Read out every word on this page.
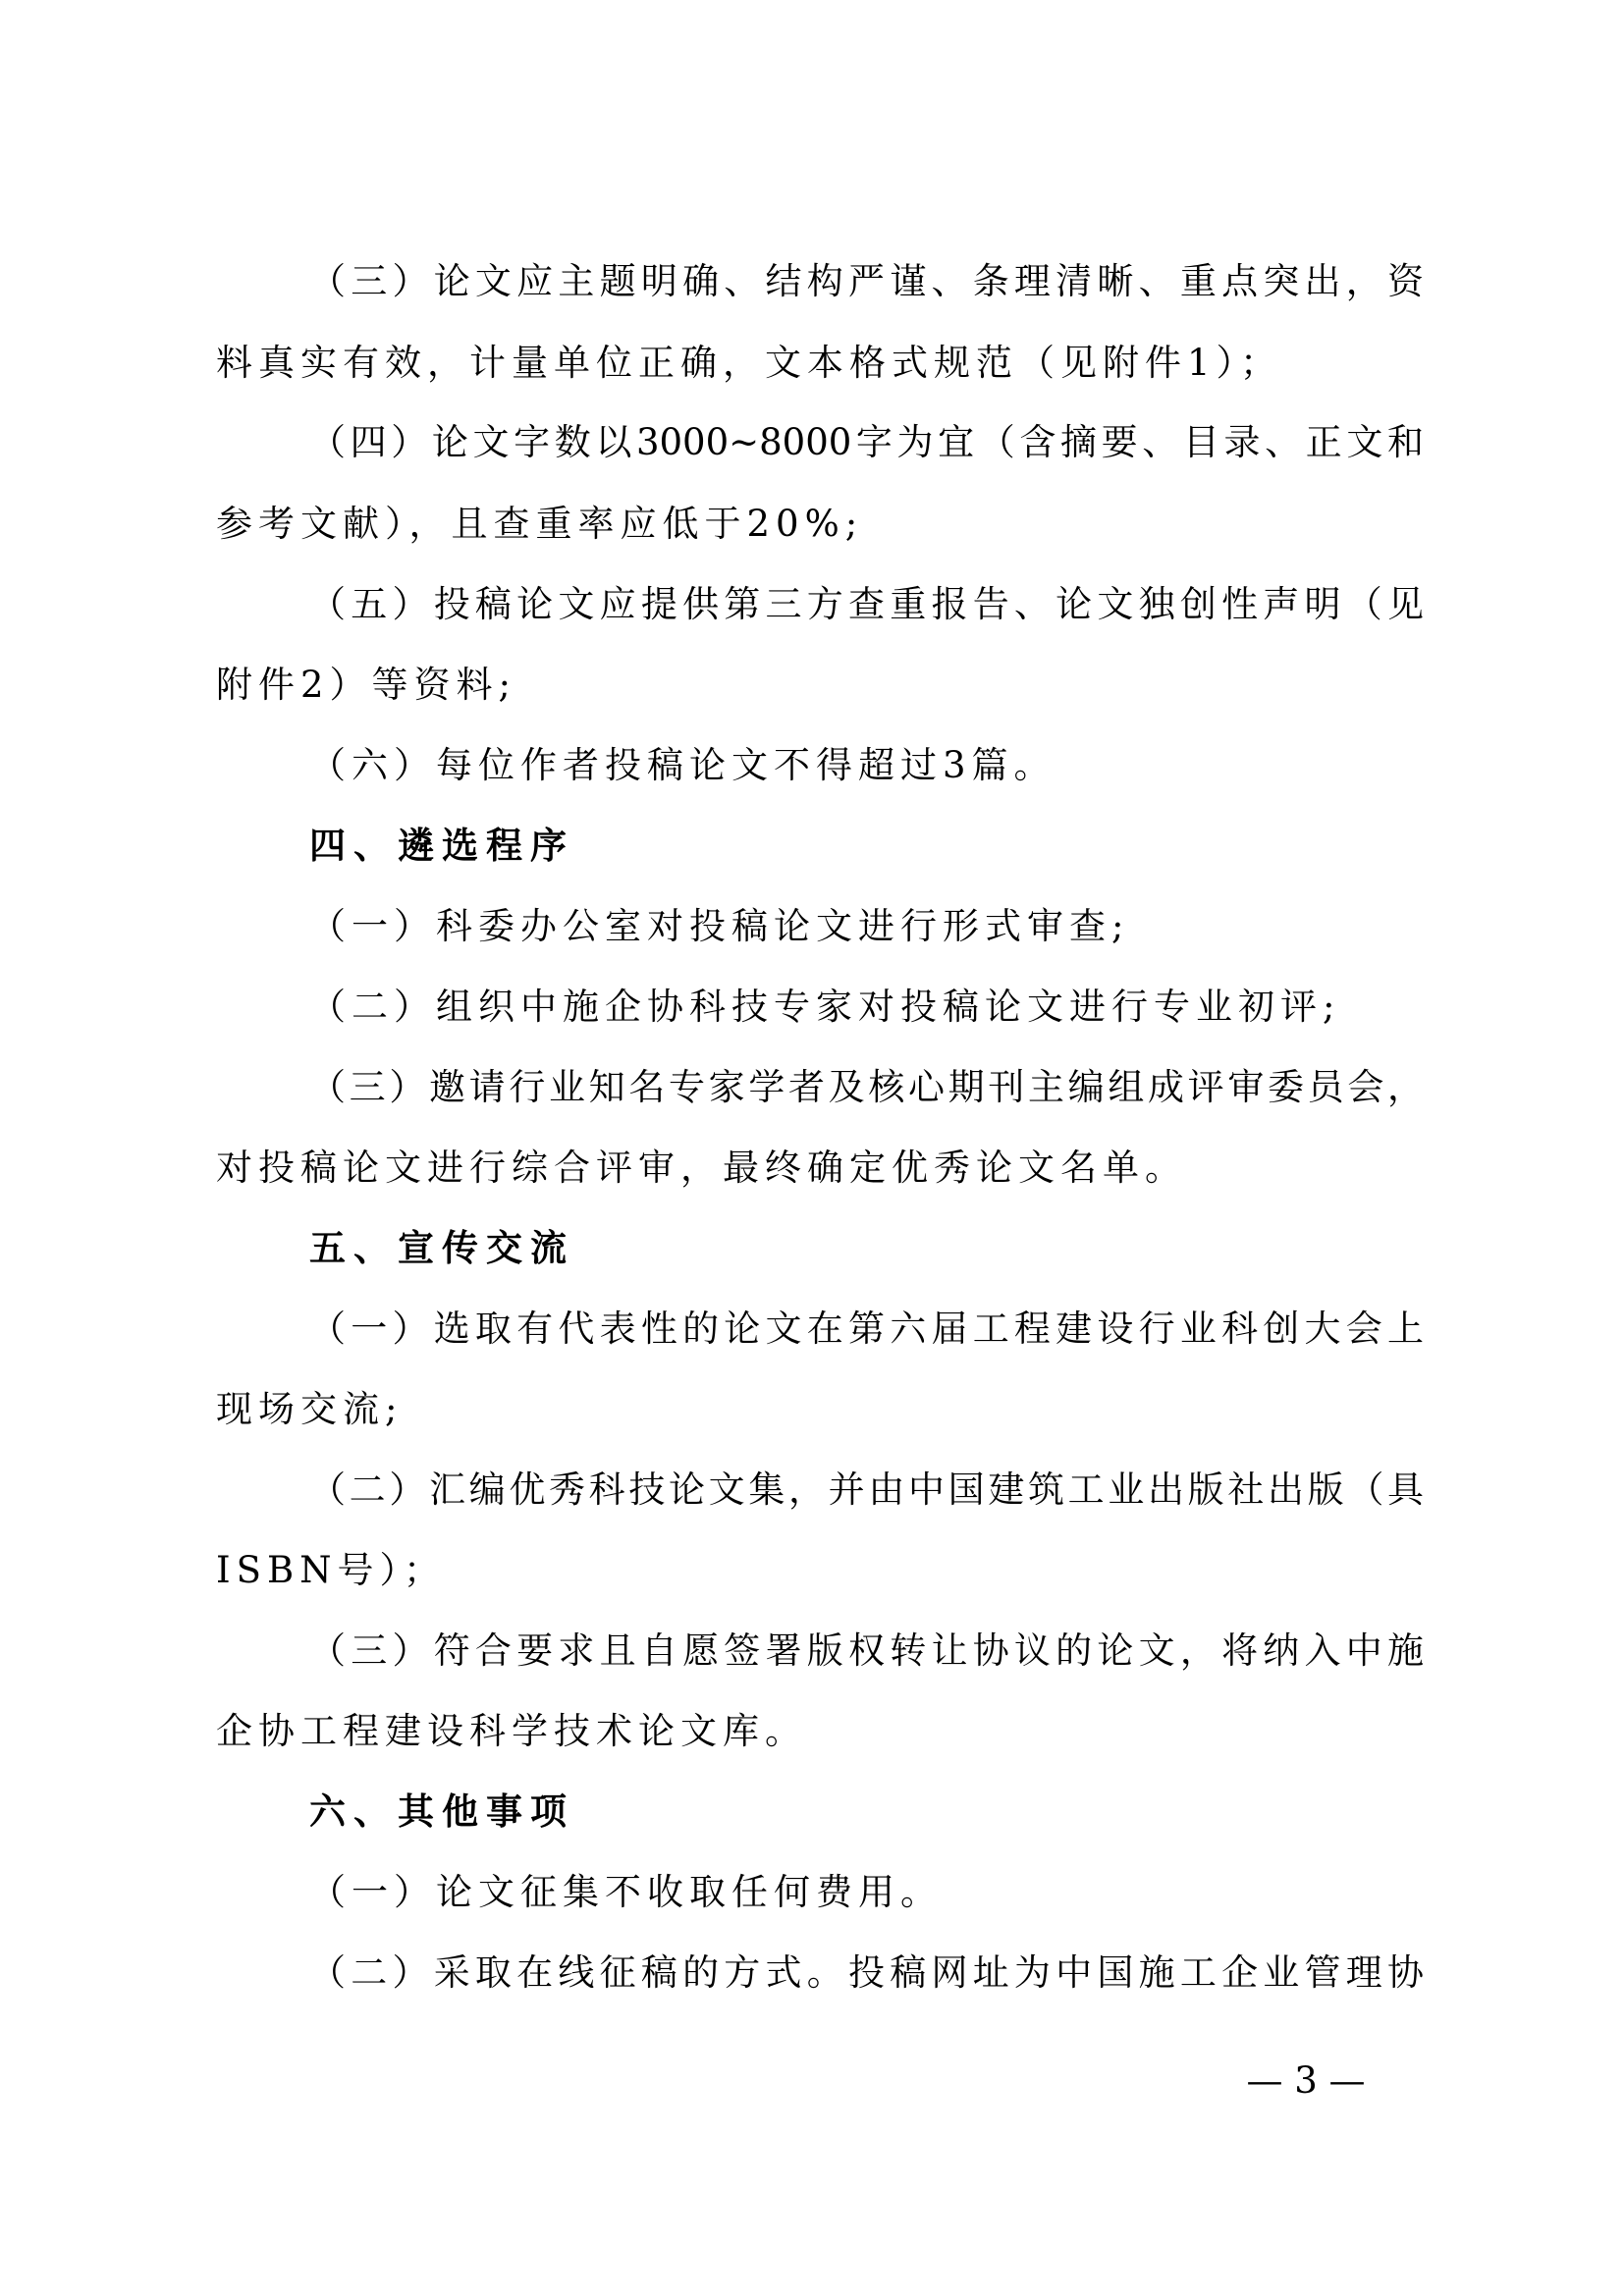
（三）论文应主题明确、结构严谨、条理清晰、重点突出，资
料真实有效，计量单位正确，文本格式规范（见附件1）；
（四）论文字数以3000~8000字为宜（含摘要、目录、正文和
参考文献），且查重率应低于20%;
（五）投稿论文应提供第三方查重报告、论文独创性声明（见
附件2）等资料;
（六）每位作者投稿论文不得超过3篇。
四、遴选程序
（一）科委办公室对投稿论文进行形式审查;
（二）组织中施企协科技专家对投稿论文进行专业初评;
（三）邀请行业知名专家学者及核心期刊主编组成评审委员会，
对投稿论文进行综合评审，最终确定优秀论文名单。
五、宣传交流
（一）选取有代表性的论文在第六届工程建设行业科创大会上
现场交流;
（二）汇编优秀科技论文集，并由中国建筑工业出版社出版（具
ISBN号）；
（三）符合要求且自愿签署版权转让协议的论文，将纳入中施
企协工程建设科学技术论文库。
六、其他事项
（一）论文征集不收取任何费用。
（二）采取在线征稿的方式。投稿网址为中国施工企业管理协
— 3 —
